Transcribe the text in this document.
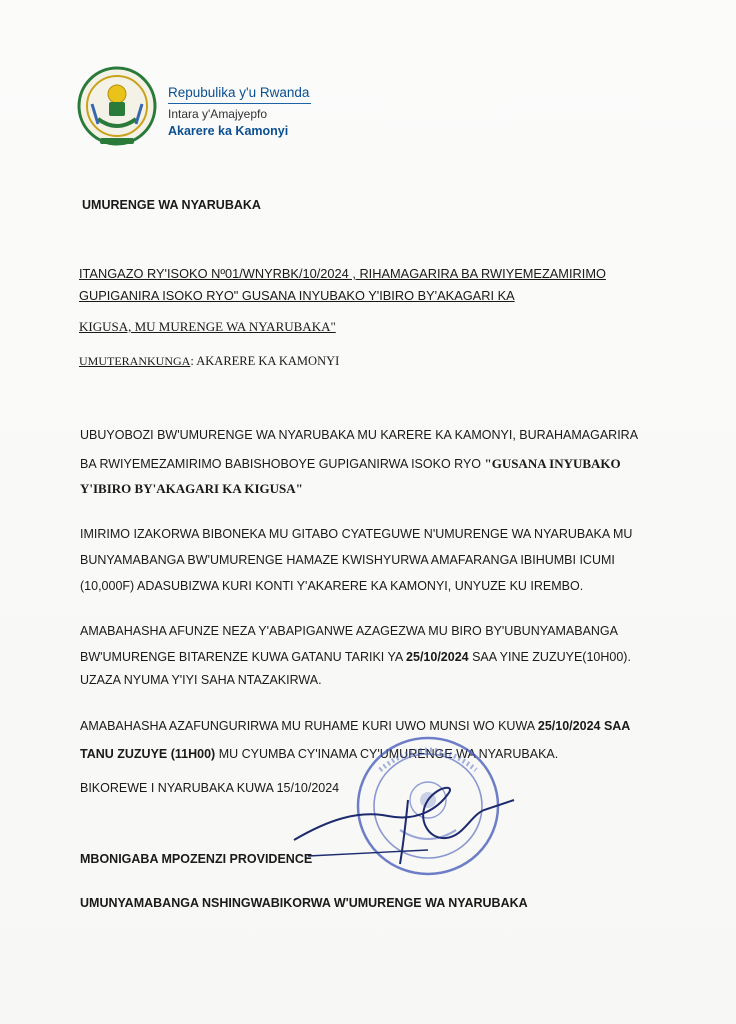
Repubulika y'u Rwanda
Intara y'Amajyepfo
Akarere ka Kamonyi
UMURENGE WA NYARUBAKA
ITANGAZO RY'ISOKO Nº01/WNYRBK/10/2024 , RIHAMAGARIRA BA RWIYEMEZAMIRIMO
GUPIGANIRA ISOKO RYO" GUSANA INYUBAKO Y'IBIRO BY'AKAGARI KA
KIGUSA, MU MURENGE WA NYARUBAKA"
UMUTERANKUNGA: AKARERE KA KAMONYI
UBUYOBOZI BW'UMURENGE WA NYARUBAKA MU KARERE KA KAMONYI, BURAHAMAGARIRA
BA RWIYEMEZAMIRIMO BABISHOBOYE GUPIGANIRWA ISOKO RYO "GUSANA INYUBAKO
Y'IBIRO BY'AKAGARI KA KIGUSA"
IMIRIMO IZAKORWA BIBONEKA MU GITABO CYATEGUWE N'UMURENGE WA NYARUBAKA MU
BUNYAMABANGA BW'UMURENGE HAMAZE KWISHYURWA AMAFARANGA IBIHUMBI ICUMI
(10,000F) ADASUBIZWA KURI KONTI Y'AKARERE KA KAMONYI, UNYUZE KU IREMBO.
AMABAHASHA AFUNZE NEZA Y'ABAPIGANWE AZAGEZWA MU BIRO BY'UBUNYAMABANGA
BW'UMURENGE BITARENZE KUWA GATANU TARIKI YA 25/10/2024 SAA YINE ZUZUYE(10H00).
UZAZA NYUMA Y'IYI SAHA NTAZAKIRWA.
AMABAHASHA AZAFUNGURIRWA MU RUHAME KURI UWO MUNSI WO KUWA 25/10/2024 SAA
TANU ZUZUYE (11H00) MU CYUMBA CY'INAMA CY'UMURENGE WA NYARUBAKA.
BIKOREWE I NYARUBAKA KUWA 15/10/2024
MBONIGABA MPOZENZI PROVIDENCE
UMUNYAMABANGA NSHINGWABIKORWA W'UMURENGE WA NYARUBAKA
